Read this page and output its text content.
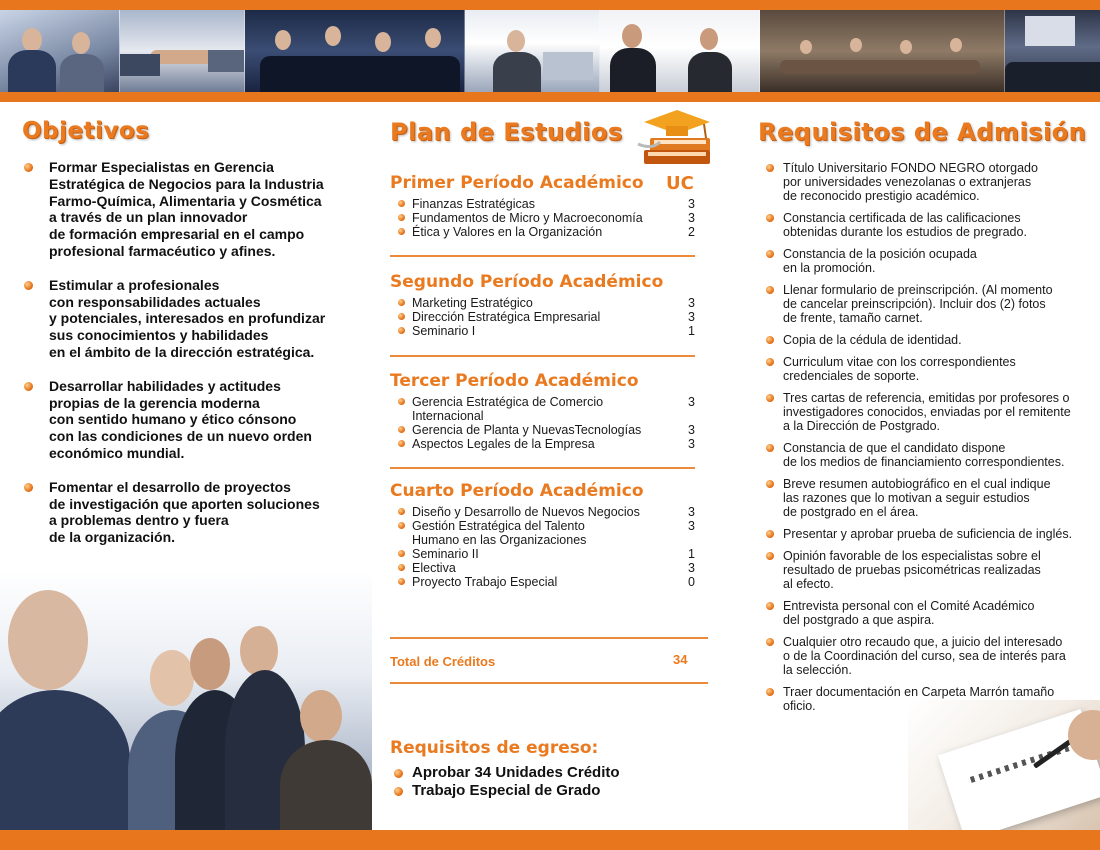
Objetivos
Formar Especialistas en Gerencia
Estratégica de Negocios para la Industria
Farmo-Química, Alimentaria y Cosmética
a través de un plan innovador
de formación empresarial en el campo
profesional farmacéutico y afines.
Estimular a profesionales
con responsabilidades actuales
y potenciales, interesados en profundizar
sus conocimientos y habilidades
en el ámbito de la dirección estratégica.
Desarrollar habilidades y actitudes
propias de la gerencia moderna
con sentido humano y ético cónsono
con las condiciones de un nuevo orden
económico mundial.
Fomentar el desarrollo de proyectos
de investigación que aporten soluciones
a problemas dentro y fuera
de la organización.
Plan de Estudios
UC
Primer Período Académico
Finanzas Estratégicas	3
Fundamentos de Micro y Macroeconomía	3
Ética y Valores en la Organización	2
Segundo Período Académico
Marketing Estratégico	3
Dirección Estratégica Empresarial	3
Seminario I	1
Tercer Período Académico
Gerencia Estratégica de Comercio
Internacional
3
Gerencia de Planta y NuevasTecnologías	3
Aspectos Legales de la Empresa	3
Cuarto Período Académico
Diseño y Desarrollo de Nuevos Negocios	3
Gestión Estratégica del Talento
Humano en las Organizaciones
3
Seminario II	1
Electiva	3
Proyecto Trabajo Especial	0
Total de Créditos	34
Requisitos de egreso:
Aprobar 34 Unidades Crédito
Trabajo Especial de Grado
Requisitos de Admisión
Título Universitario FONDO NEGRO otorgado
por universidades venezolanas o extranjeras
de reconocido prestigio académico.
Constancia certificada de las calificaciones
obtenidas durante los estudios de pregrado.
Constancia de la posición ocupada
en la promoción.
Llenar formulario de preinscripción. (Al momento
de cancelar preinscripción). Incluir dos (2) fotos
de frente, tamaño carnet.
Copia de la cédula de identidad.
Curriculum vitae con los correspondientes
credenciales de soporte.
Tres cartas de referencia, emitidas por profesores o
investigadores conocidos, enviadas por el remitente
a la Dirección de Postgrado.
Constancia de que el candidato dispone
de los medios de financiamiento correspondientes.
Breve resumen autobiográfico en el cual indique
las razones que lo motivan a seguir estudios
de postgrado en el área.
Presentar y aprobar prueba de suficiencia de inglés.
Opinión favorable de los especialistas sobre el
resultado de pruebas psicométricas realizadas
al efecto.
Entrevista personal con el Comité Académico
del postgrado a que aspira.
Cualquier otro recaudo que, a juicio del interesado
o de la Coordinación del curso, sea de interés para
la selección.
Traer documentación en Carpeta Marrón tamaño
oficio.
